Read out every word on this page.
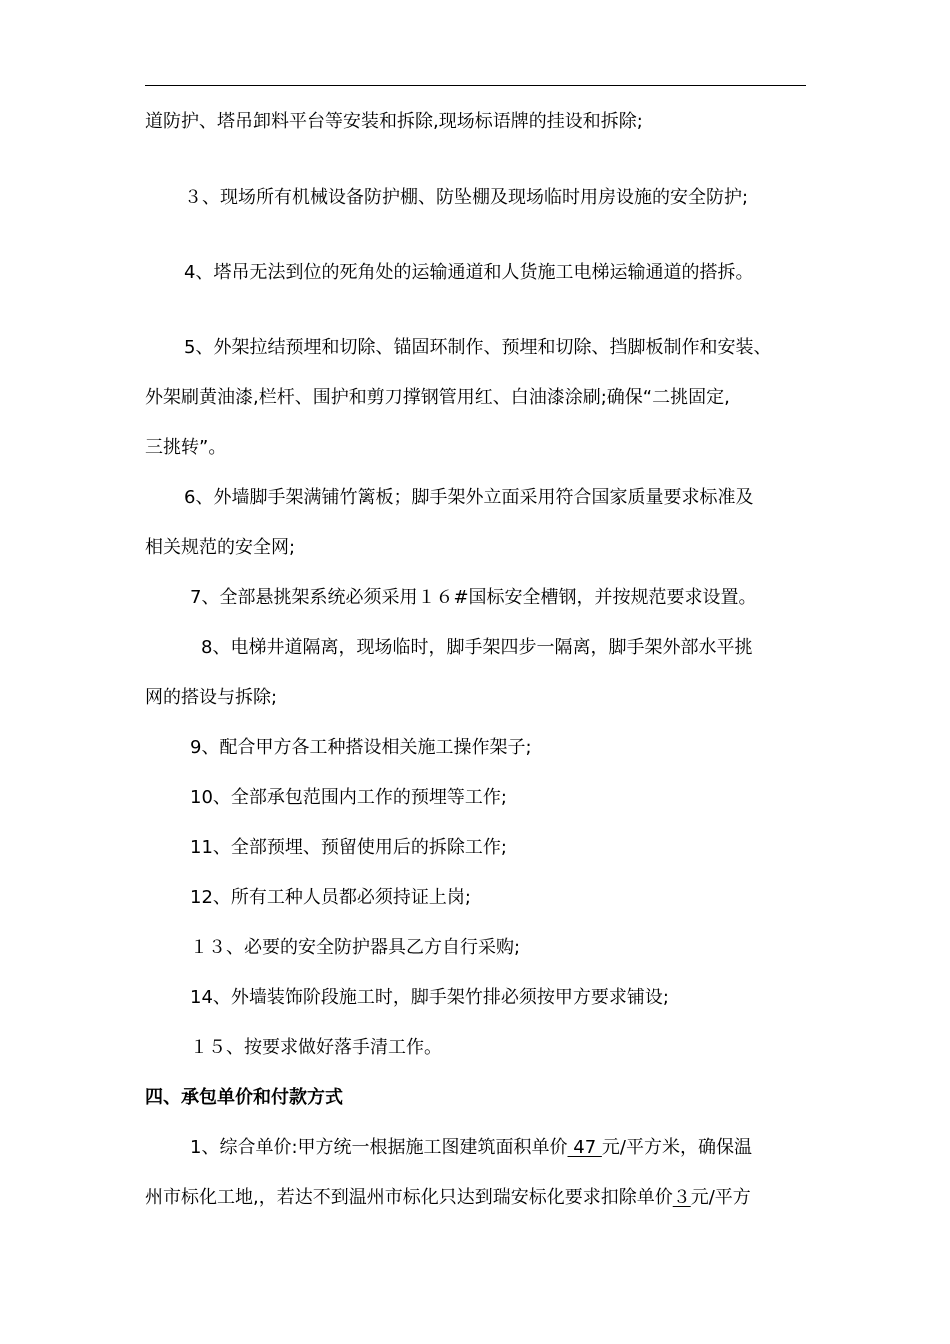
道防护、塔吊卸料平台等安装和拆除,现场标语牌的挂设和拆除;

３、现场所有机械设备防护棚、防坠棚及现场临时用房设施的安全防护;

4、塔吊无法到位的死角处的运输通道和人货施工电梯运输通道的搭拆。

5、外架拉结预埋和切除、锚固环制作、预埋和切除、挡脚板制作和安装、

外架刷黄油漆,栏杆、围护和剪刀撑钢管用红、白油漆涂刷;确保“二挑固定,

三挑转”。

6、外墙脚手架满铺竹篱板；脚手架外立面采用符合国家质量要求标准及

相关规范的安全网;

7、全部悬挑架系统必须采用１６#国标安全槽钢，并按规范要求设置。

8、电梯井道隔离，现场临时，脚手架四步一隔离，脚手架外部水平挑

网的搭设与拆除;

9、配合甲方各工种搭设相关施工操作架子;

10、全部承包范围内工作的预埋等工作;

11、全部预埋、预留使用后的拆除工作;

12、所有工种人员都必须持证上岗;

１３、必要的安全防护器具乙方自行采购;

14、外墙装饰阶段施工时，脚手架竹排必须按甲方要求铺设;

１５、按要求做好落手清工作。

四、承包单价和付款方式

1、综合单价:甲方统一根据施工图建筑面积单价 47 元/平方米，确保温

州市标化工地,，若达不到温州市标化只达到瑞安标化要求扣除单价３元/平方
